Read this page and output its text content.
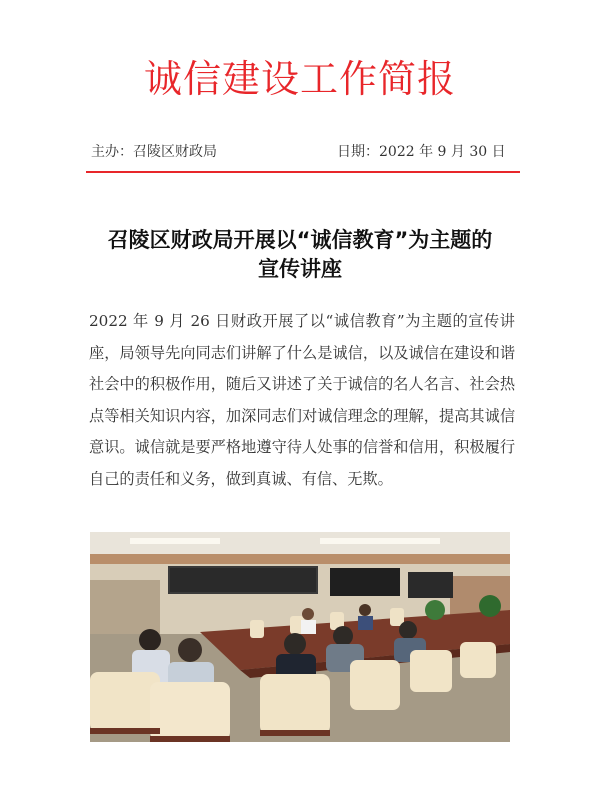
诚信建设工作简报
主办：召陵区财政局	日期：2022 年 9 月 30 日
召陵区财政局开展以“诚信教育”为主题的
宣传讲座

2022 年 9 月 26 日财政开展了以“诚信教育”为主题的宣传讲座，局领导先向同志们讲解了什么是诚信，以及诚信在建设和谐社会中的积极作用，随后又讲述了关于诚信的名人名言、社会热点等相关知识内容，加深同志们对诚信理念的理解，提高其诚信意识。诚信就是要严格地遵守待人处事的信誉和信用，积极履行自己的责任和义务，做到真诚、有信、无欺。
